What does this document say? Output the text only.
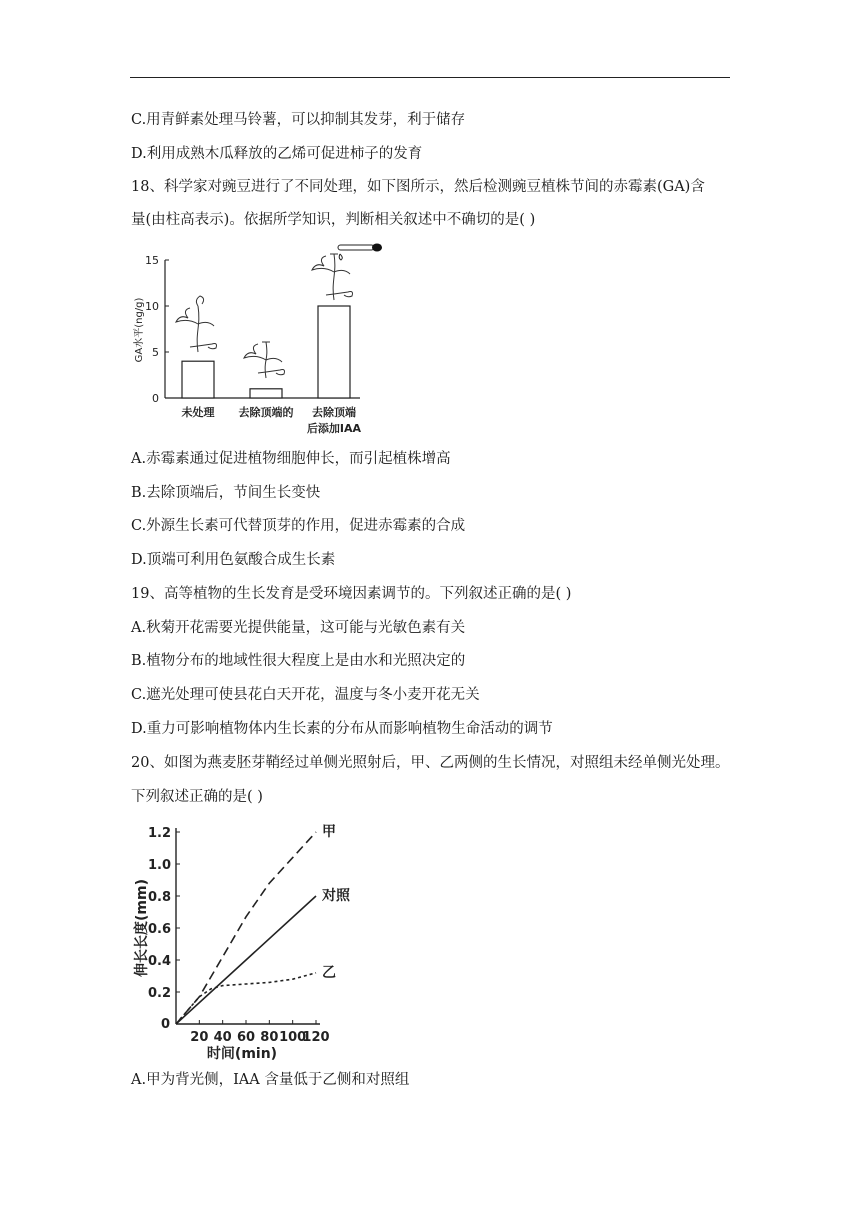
C.用青鲜素处理马铃薯，可以抑制其发芽，利于储存
D.利用成熟木瓜释放的乙烯可促进柿子的发育
18、科学家对豌豆进行了不同处理，如下图所示，然后检测豌豆植株节间的赤霉素(GA)含
量(由柱高表示)。依据所学知识，判断相关叙述中不确切的是( )
0
5
10
15
GA水平(ng/g)
未处理 去除顶端的 去除顶端
后添加IAA
A.赤霉素通过促进植物细胞伸长，而引起植株增高
B.去除顶端后，节间生长变快
C.外源生长素可代替顶芽的作用，促进赤霉素的合成
D.顶端可利用色氨酸合成生长素
19、高等植物的生长发育是受环境因素调节的。下列叙述正确的是( )
A.秋菊开花需要光提供能量，这可能与光敏色素有关
B.植物分布的地域性很大程度上是由水和光照决定的
C.遮光处理可使县花白天开花，温度与冬小麦开花无关
D.重力可影响植物体内生长素的分布从而影响植物生命活动的调节
20、如图为燕麦胚芽鞘经过单侧光照射后，甲、乙两侧的生长情况，对照组未经单侧光处理。
下列叙述正确的是( )
0
0.2
0.4
0.6
0.8
1.0
1.2
20 40 60 80 100
120
时间(min)
伸长长度(mm)
甲
对照
乙
A.甲为背光侧，IAA 含量低于乙侧和对照组
